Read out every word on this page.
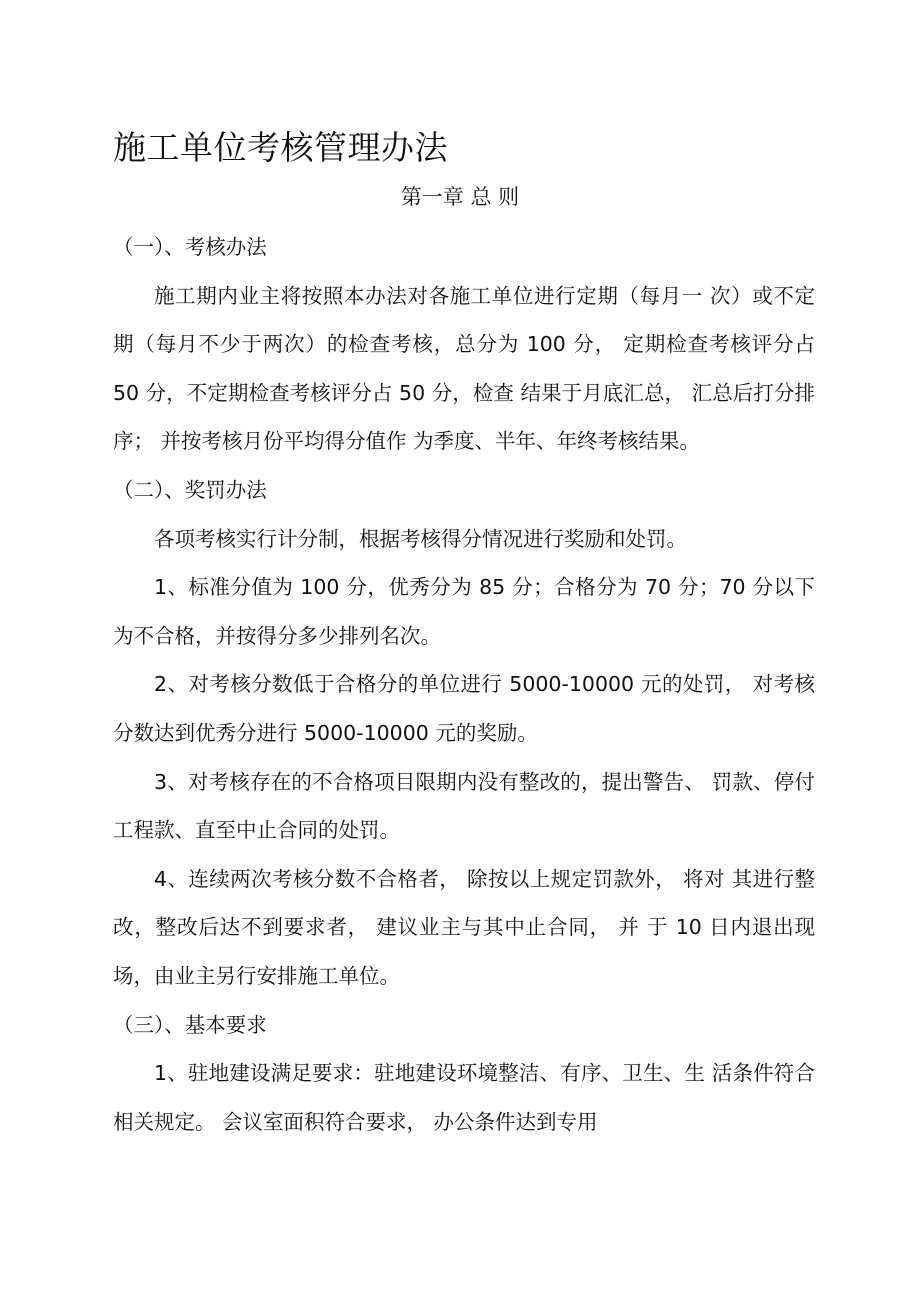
施工单位考核管理办法
第一章 总 则

（一）、考核办法

施工期内业主将按照本办法对各施工单位进行定期（每月一 次）或不定期（每月不少于两次）的检查考核，总分为 100 分， 定期检查考核评分占 50 分，不定期检查考核评分占 50 分，检查 结果于月底汇总， 汇总后打分排序； 并按考核月份平均得分值作 为季度、半年、年终考核结果。

（二）、奖罚办法

各项考核实行计分制，根据考核得分情况进行奖励和处罚。

1、标准分值为 100 分，优秀分为 85 分；合格分为 70 分；70 分以下为不合格，并按得分多少排列名次。

2、对考核分数低于合格分的单位进行 5000-10000 元的处罚， 对考核分数达到优秀分进行 5000-10000 元的奖励。

3、对考核存在的不合格项目限期内没有整改的，提出警告、 罚款、停付工程款、直至中止合同的处罚。

4、连续两次考核分数不合格者， 除按以上规定罚款外， 将对 其进行整改，整改后达不到要求者， 建议业主与其中止合同， 并 于 10 日内退出现场，由业主另行安排施工单位。

（三）、基本要求

1、驻地建设满足要求：驻地建设环境整洁、有序、卫生、生 活条件符合相关规定。 会议室面积符合要求， 办公条件达到专用
